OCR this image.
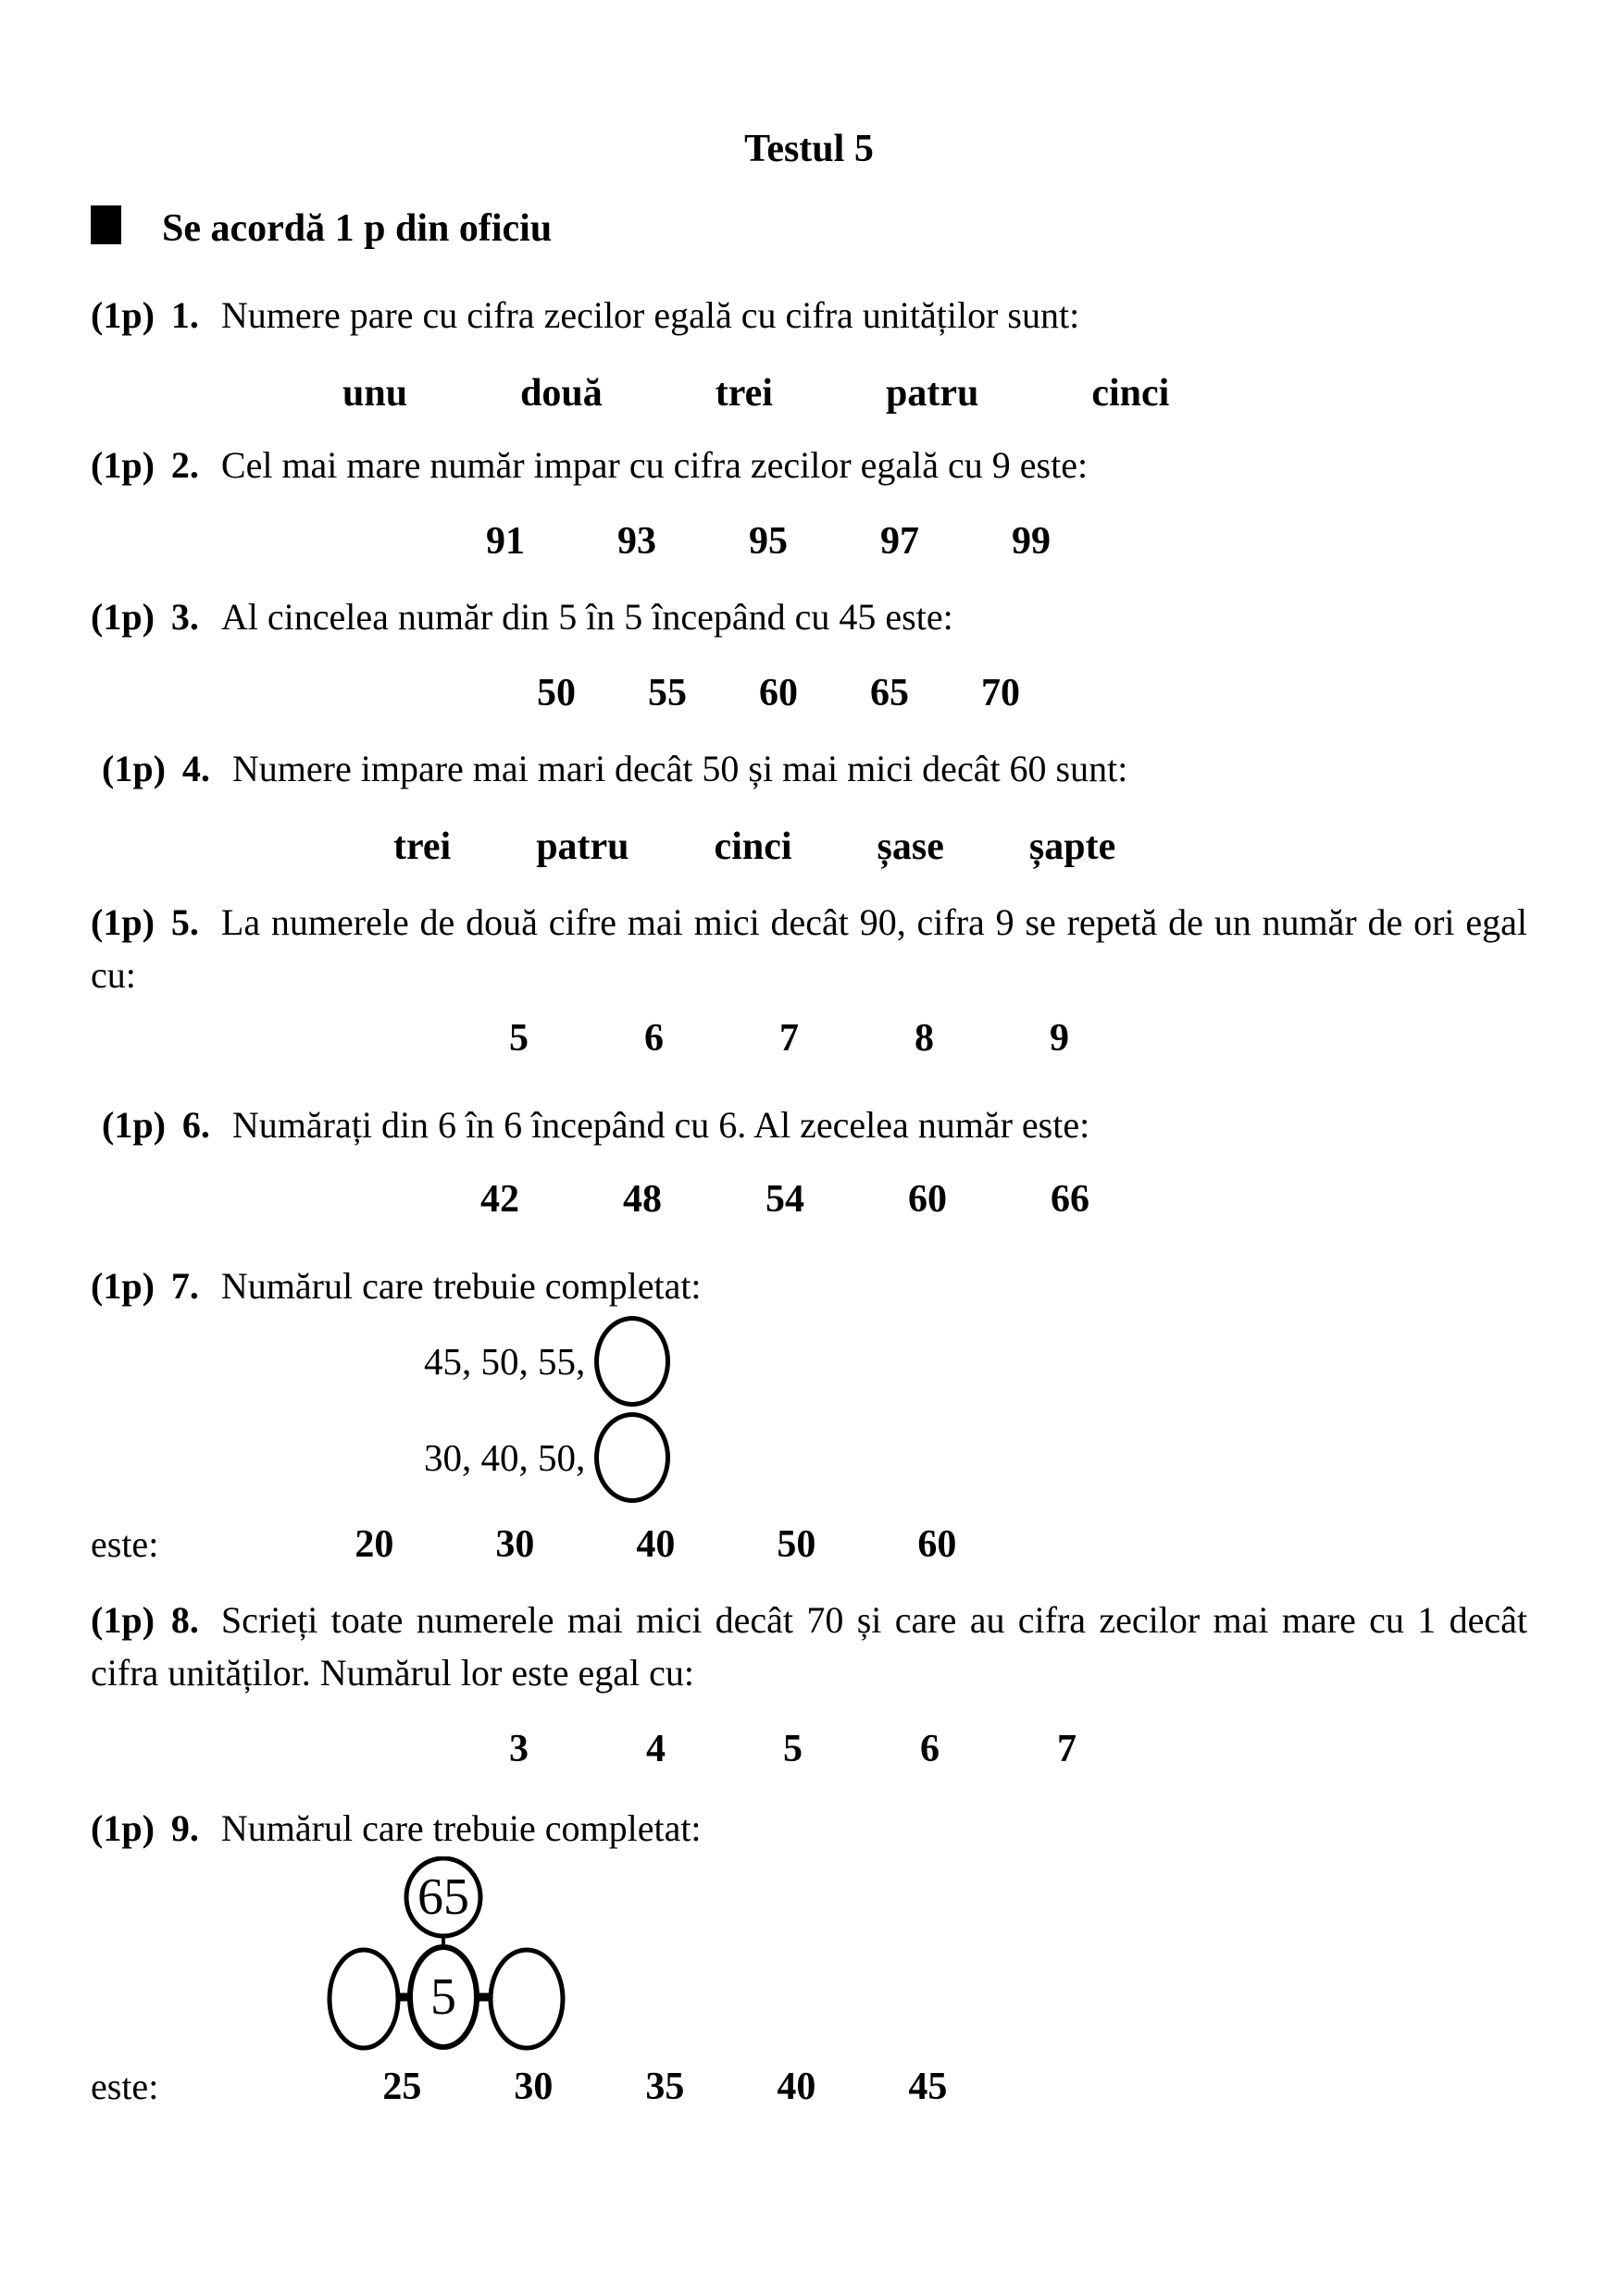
Testul 5
Se acordă 1 p din oficiu
(1p) 1. Numere pare cu cifra zecilor egală cu cifra unităților sunt:
unu	două	trei	patru	cinci
(1p) 2. Cel mai mare număr impar cu cifra zecilor egală cu 9 este:
91 93 95 97 99
(1p) 3. Al cincelea număr din 5 în 5 începând cu 45 este:
50 55 60 65 70
(1p) 4. Numere impare mai mari decât 50 și mai mici decât 60 sunt:
trei patru cinci șase șapte
(1p) 5. La numerele de două cifre mai mici decât 90, cifra 9 se repetă de un număr de ori egal cu:
5	6	7	8	9
(1p) 6. Numărați din 6 în 6 începând cu 6. Al zecelea număr este:
42	48	54	60	66
(1p) 7. Numărul care trebuie completat:
45, 50, 55,
30, 40, 50,
este:	20	30	40	50	60
(1p) 8. Scrieți toate numerele mai mici decât 70 și care au cifra zecilor mai mare cu 1 decât cifra unităților. Numărul lor este egal cu:
3	4	5	6	7
(1p) 9. Numărul care trebuie completat:
65
5
este:	25 30 35 40 45
